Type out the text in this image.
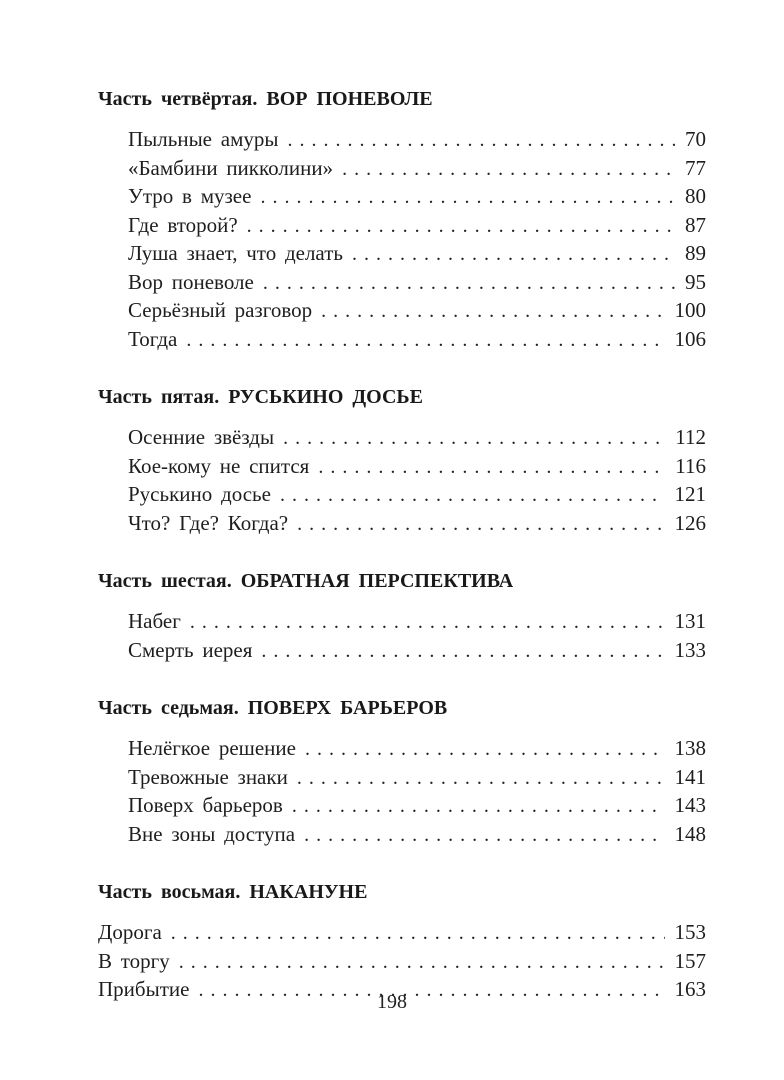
Часть четвёртая. ВОР ПОНЕВОЛЕ
Пыльные амуры .....	70
«Бамбини пикколини» .....	77
Утро в музее .....	80
Где второй? .....	87
Луша знает, что делать .....	89
Вор поневоле .....	95
Серьёзный разговор .....	100
Тогда .....	106
Часть пятая. РУСЬКИНО ДОСЬЕ
Осенние звёзды .....	112
Кое-кому не спится .....	116
Руськино досье .....	121
Что? Где? Когда? .....	126
Часть шестая. ОБРАТНАЯ ПЕРСПЕКТИВА
Набег .....	131
Смерть иерея .....	133
Часть седьмая. ПОВЕРХ БАРЬЕРОВ
Нелёгкое решение .....	138
Тревожные знаки .....	141
Поверх барьеров .....	143
Вне зоны доступа .....	148
Часть восьмая. НАКАНУНЕ
Дорога .....	153
В торгу .....	157
Прибытие .....	163
198
